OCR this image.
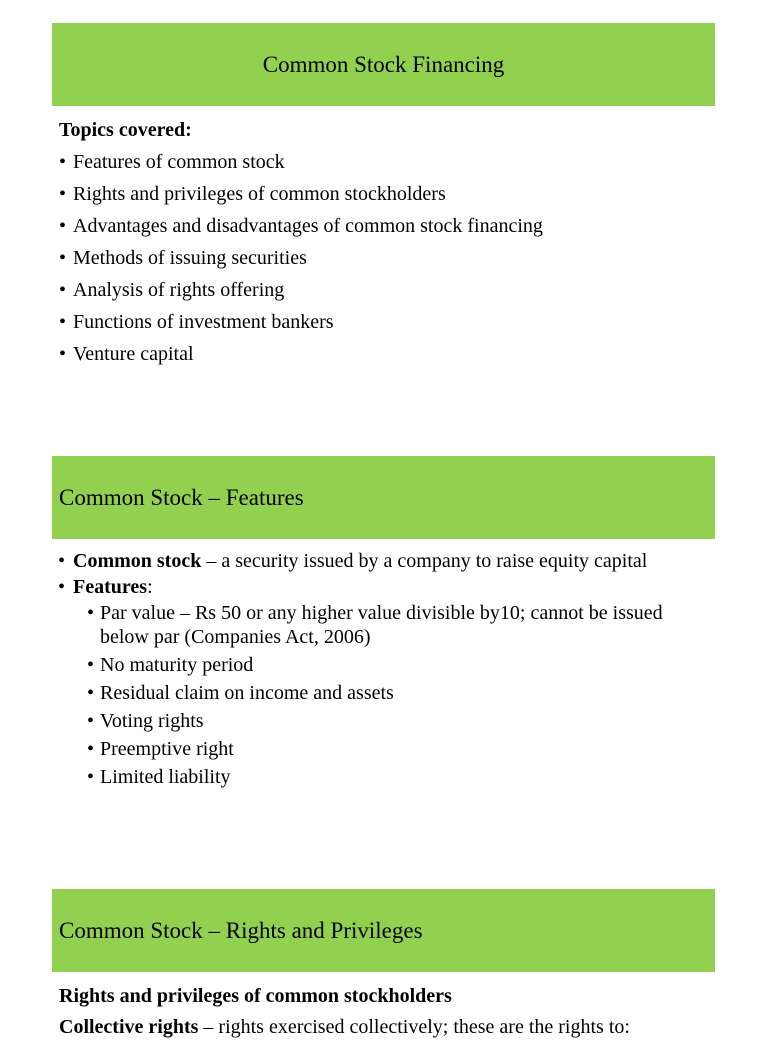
Common Stock Financing
Topics covered:
• Features of common stock
• Rights and privileges of common stockholders
• Advantages and disadvantages of common stock financing
• Methods of issuing securities
• Analysis of rights offering
• Functions of investment bankers
• Venture capital
Common Stock – Features
• Common stock – a security issued by a company to raise equity capital
• Features:
• Par value – Rs 50 or any higher value divisible by10; cannot be issued below par (Companies Act, 2006)
• No maturity period
• Residual claim on income and assets
• Voting rights
• Preemptive right
• Limited liability
Common Stock – Rights and Privileges
Rights and privileges of common stockholders
Collective rights – rights exercised collectively; these are the rights to:
